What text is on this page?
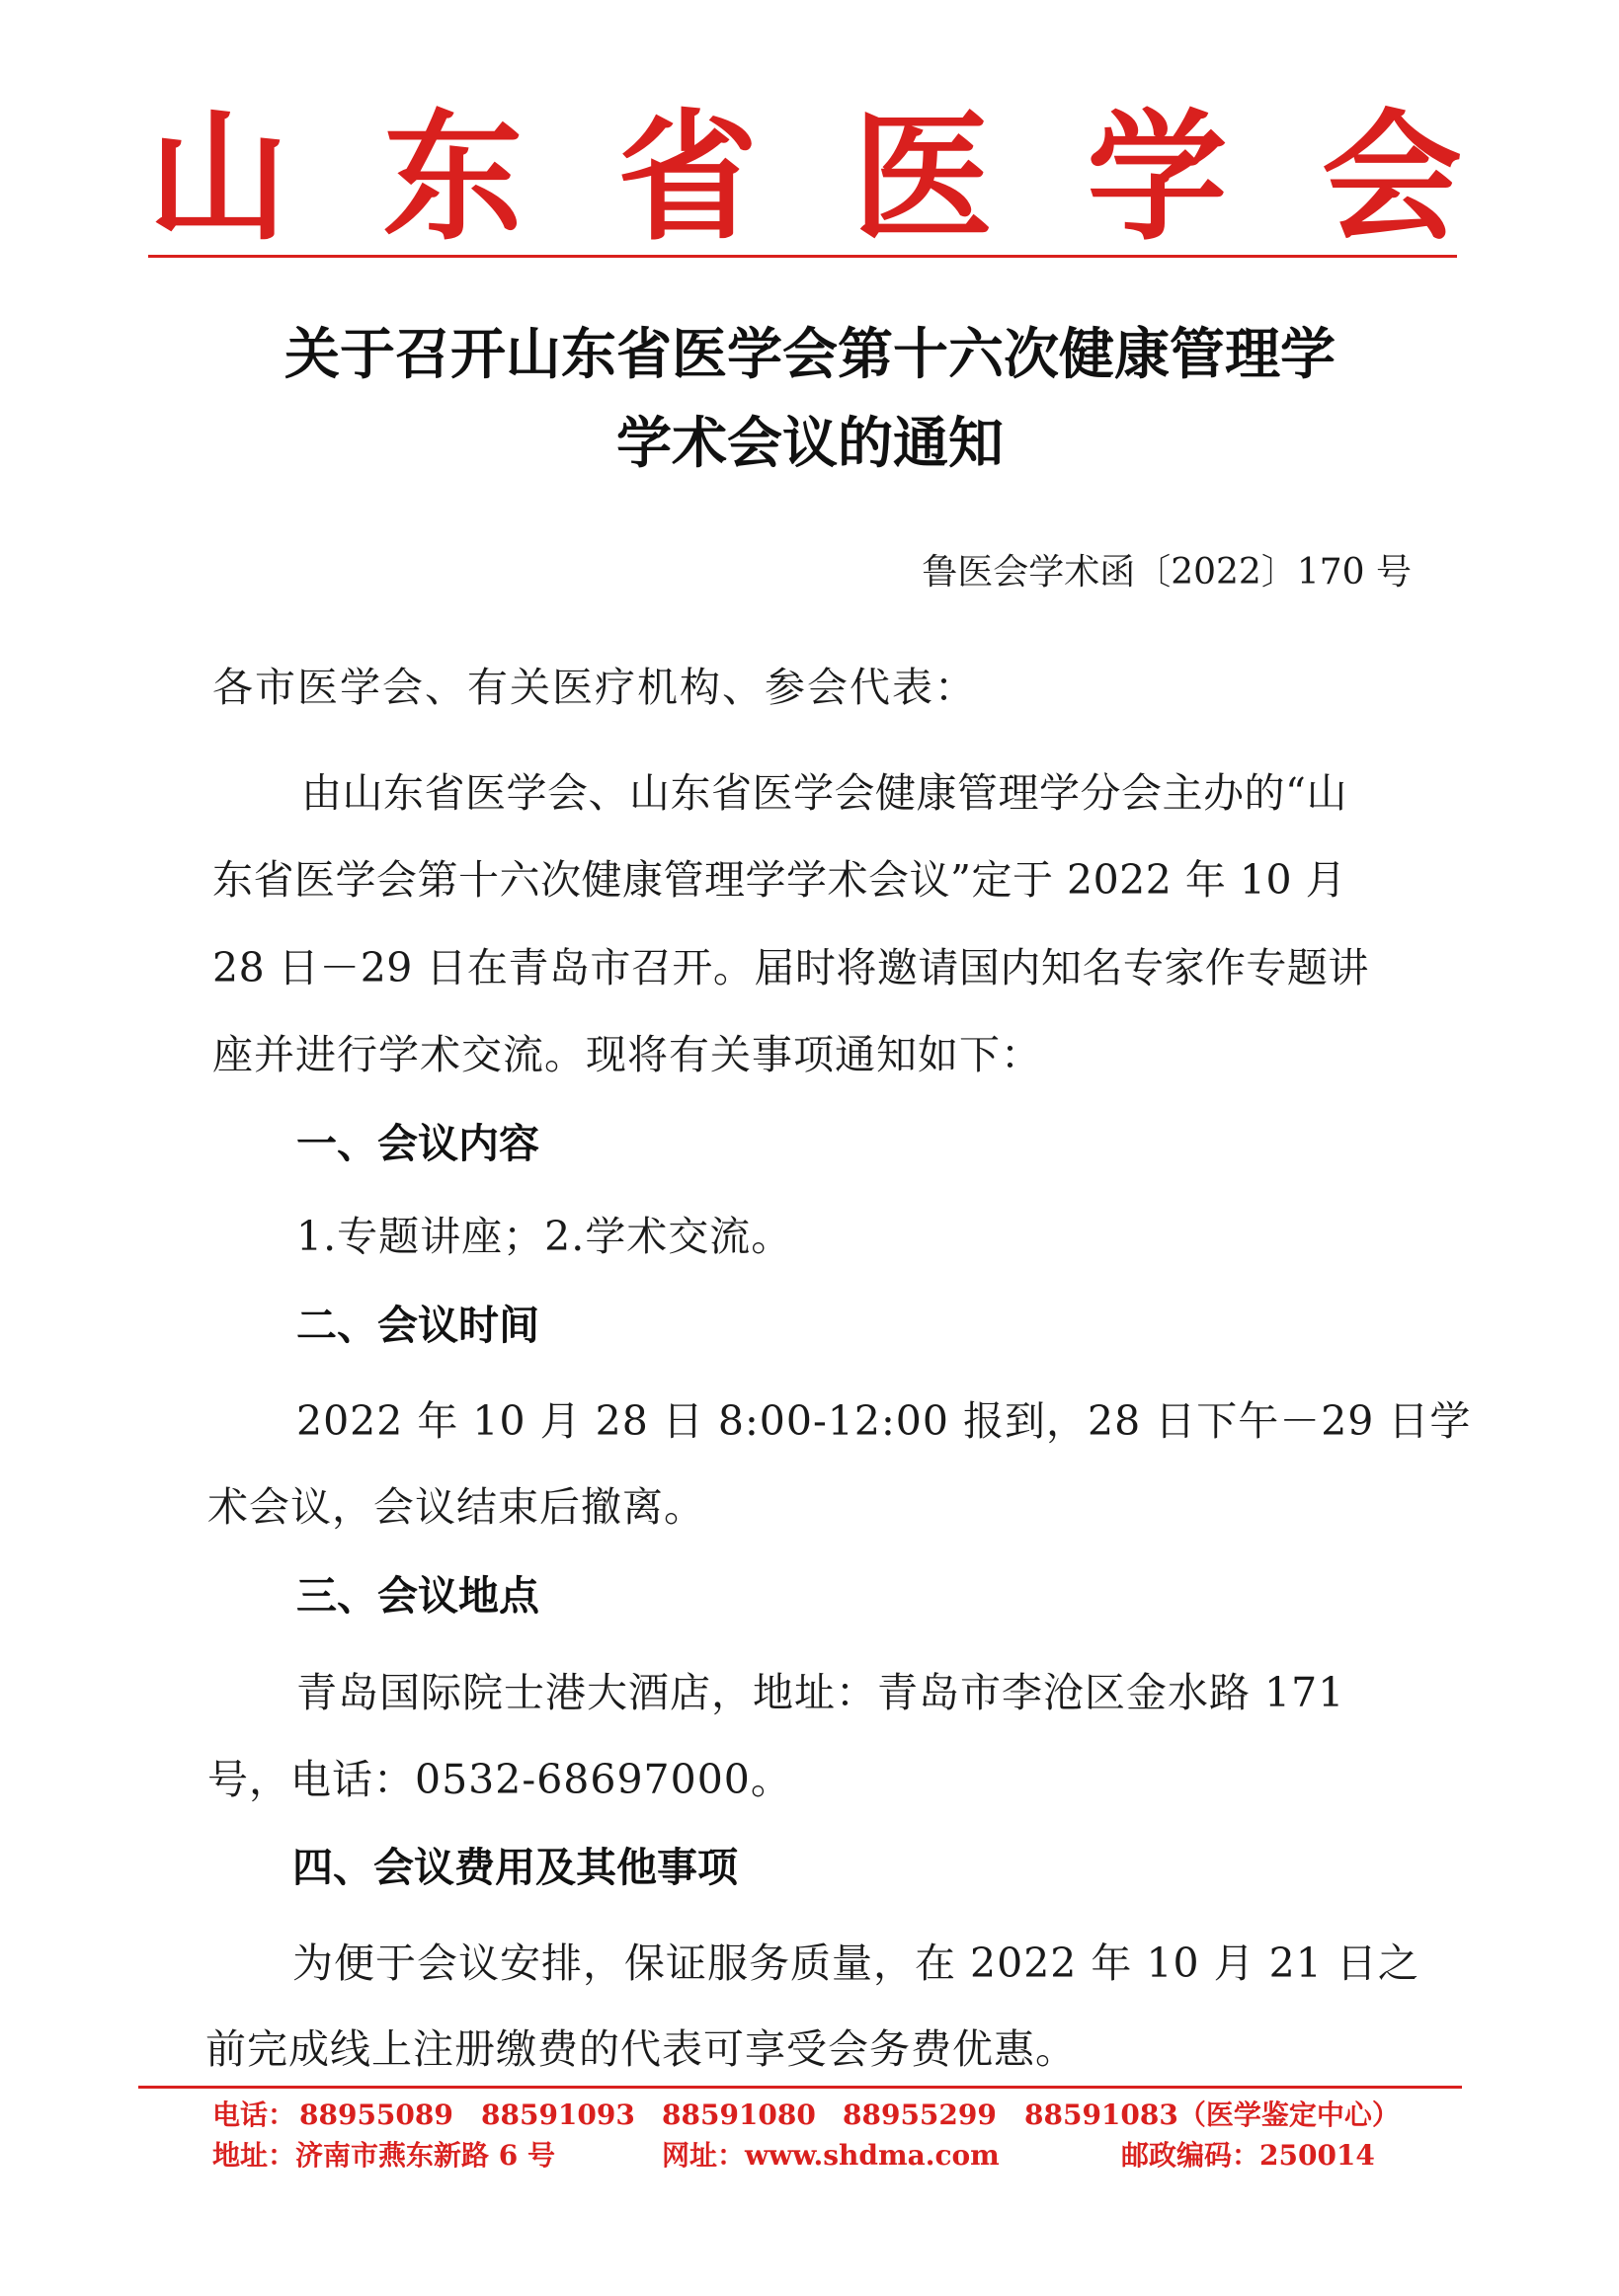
山 东 省 医 学 会
关于召开山东省医学会第十六次健康管理学
学术会议的通知
鲁医会学术函〔2022〕170 号
各市医学会、有关医疗机构、参会代表：
由山东省医学会、山东省医学会健康管理学分会主办的“山
东省医学会第十六次健康管理学学术会议”定于 2022 年 10 月
28 日－29 日在青岛市召开。届时将邀请国内知名专家作专题讲
座并进行学术交流。现将有关事项通知如下：
一、会议内容
1.专题讲座；2.学术交流。
二、会议时间
2022 年 10 月 28 日 8:00-12:00 报到，28 日下午－29 日学
术会议，会议结束后撤离。
三、会议地点
青岛国际院士港大酒店，地址：青岛市李沧区金水路 171
号，电话：0532-68697000。
四、会议费用及其他事项
为便于会议安排，保证服务质量，在 2022 年 10 月 21 日之
前完成线上注册缴费的代表可享受会务费优惠。
电话： 88955089 88591093 88591080 88955299 88591083（医学鉴定中心）
地址：济南市燕东新路 6 号	网址：www.shdma.com	邮政编码：250014
